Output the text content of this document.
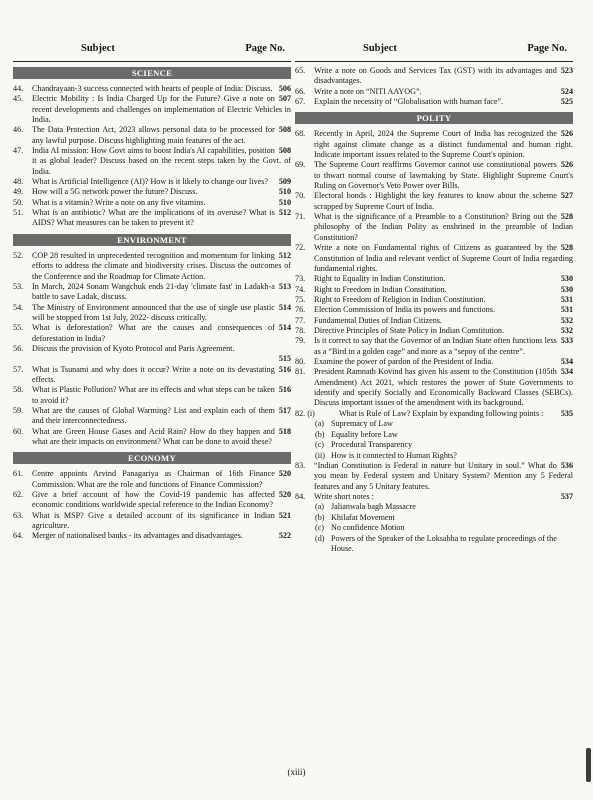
Subject	Page No.
SCIENCE
44.	506
Chandrayaan-3 success connected with hearts of people of India: Discuss.
45.	507
Electric Mobility : Is India Charged Up for the Future? Give a note on recent developments and challenges on implementation of Electric Vehicles in India.
46.	508
The Data Protection Act, 2023 allows personal data to be processed for any lawful purpose. Discuss highlighting main features of the act.
47.	508
India AI mission: How Govt aims to boost India's AI capabilities, position it as global leader? Discuss based on the recent steps taken by the Govt. of India.
48.	509
What is Artificial Intelligence (AI)? How is it likely to change our lives?
49.	510
How will a 5G network power the future? Discuss.
50.	510
What is a vitamin? Write a note on any five vitamins.
51.	512
What is an antibiotic? What are the implications of its overuse? What is AIDS? What measures can be taken to prevent it?
ENVIRONMENT
52.	512
COP 28 resulted in unprecedented recognition and momentum for linking efforts to address the climate and biodiversity crises. Discuss the outcomes of the Conference and the Roadmap for Climate Action.
53.	513
In March, 2024 Sonam Wangchuk ends 21-day 'climate fast' in Ladakh-a battle to save Ladak, discuss.
54.	514
The Ministry of Environment announced that the use of single use plastic will be stopped from 1st July, 2022- discuss critically.
55.	514
What is deforestation? What are the causes and consequences of deforestation in India?
56. Discuss the provision of Kyoto Protocol and Paris Agreement.
515
57.	516
What is Tsunami and why does it occur? Write a note on its devastating effects.
58.	516
What is Plastic Pollution? What are its effects and what steps can be taken to avoid it?
59.	517
What are the causes of Global Warming? List and explain each of them and their interconnectedness.
60.	518
What are Green House Gases and Acid Rain? How do they happen and what are their impacts on environment? What can be done to avoid these?
ECONOMY
61.	520
Centre appoints Arvind Panagariya as Chairman of 16th Finance Commission. What are the role and functions of Finance Commission?
62.	520
Give a brief account of how the Covid-19 pandemic has affected economic conditions worldwide special reference to the Indian Economy?
63.	521
What is MSP? Give a detailed account of its significance in Indian agriculture.
64.	522
Merger of nationalised banks - its advantages and disadvantages.
Subject	Page No.
65.	523
Write a note on Goods and Services Tax (GST) with its advantages and disadvantages.
66.	524
Write a note on “NITI AAYOG”.
67.	525
Explain the necessity of “Globalisation with human face”.
POLITY
68.	526
Recently in April, 2024 the Supreme Court of India has recognized the right against climate change as a distinct fundamental and human right. Indicate important issues related to the Supreme Court's opinion.
69.	526
The Supreme Court reaffirms Governor cannot use constitutional powers to thwart normal course of lawmaking by State. Highlight Supreme Court's Ruling on Governor's Veto Power over Bills.
70.	527
Electoral bonds : Highlight the key features to know about the scheme scrapped by Supreme Court of India.
71.	528
What is the significance of a Preamble to a Constitution? Bring out the philosophy of the Indian Polity as enshrined in the preamble of Indian Constitution?
72.	528
Write a note on Fundamental rights of Citizens as guaranteed by the Constitution of India and relevant verdict of Supreme Court of India regarding fundamental rights.
73.	530
Right to Equality in Indian Constitution.
74.	530
Right to Freedom in Indian Constitution.
75.	531
Right to Freedom of Religion in Indian Constitution.
76.	531
Election Commission of India its powers and functions.
77.	532
Fundamental Duties of Indian Citizens.
78.	532
Directive Principles of State Policy in Indian Constitution.
79.	533
Is it correct to say that the Governor of an Indian State often functions less as a “Bird in a golden cage” and more as a “sepoy of the centre”.
80.	534
Examine the power of pardon of the President of India.
81.	534
President Ramnath Kovind has given his assent to the Constitution (105th Amendment) Act 2021, which restores the power of State Governments to identify and specify Socially and Economically Backward Classes (SEBCs). Discuss important issues of the amendment with its background.
82. (i)	535
What is Rule of Law? Explain by expanding following points :
(a) Supremacy of Law
(b) Equality before Law
(c) Procedural Transparency
(ii) How is it connected to Human Rights?
83.	536
“Indian Constitution is Federal in nature but Unitary in soul.” What do you mean by Federal system and Unitary System? Mention any 5 Federal features and any 5 Unitary features.
84.	537
Write short notes :
(a) Jalianwala bagh Massacre
(b) Khilafat Movement
(c) No confidence Motion
(d) Powers of the Speaker of the Loksabha to regulate proceedings of the House.
(xiii)
